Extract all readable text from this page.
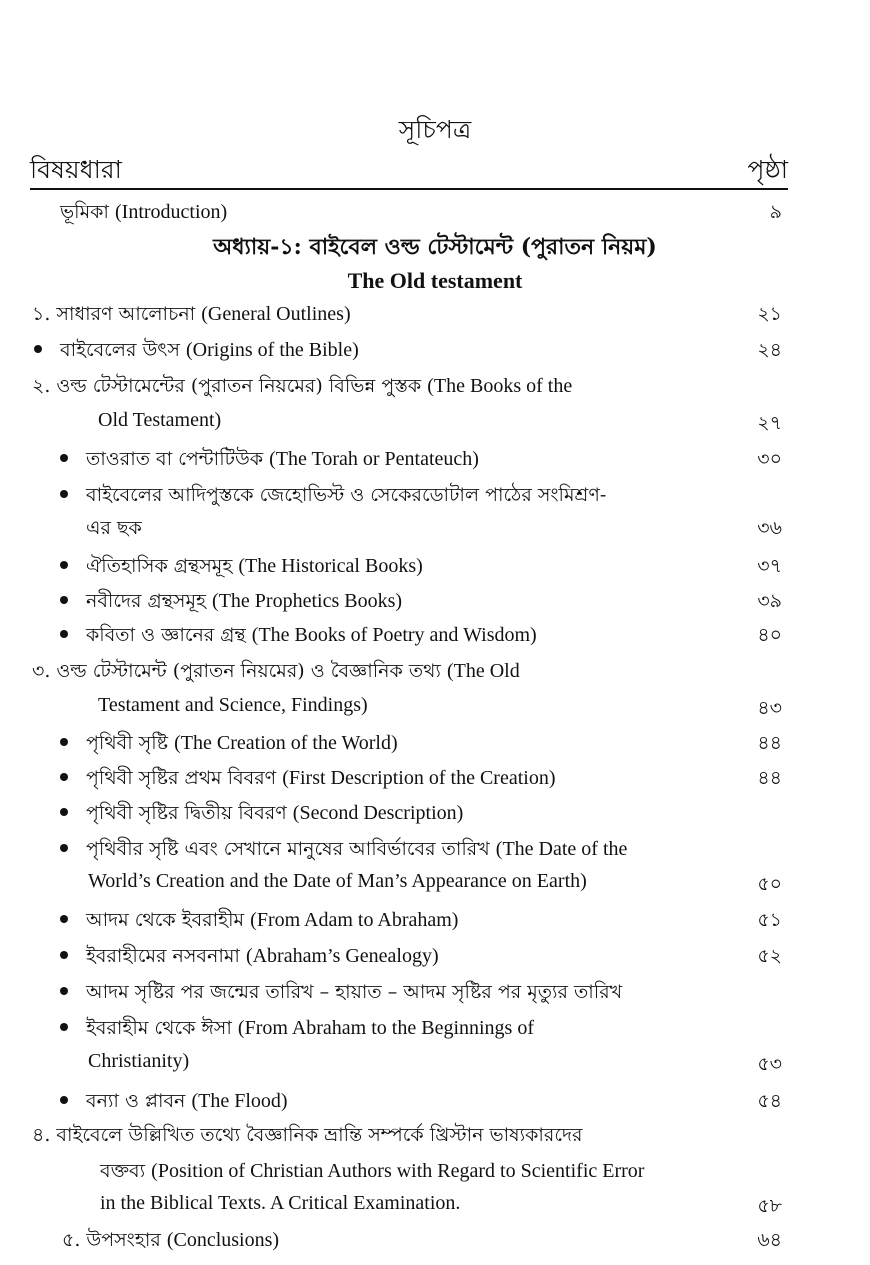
সূচিপত্র
বিষয়ধারা	পৃষ্ঠা
অধ্যায়-১: বাইবেল ওল্ড টেস্টামেন্ট (পুরাতন নিয়ম)
The Old testament
ভূমিকা (Introduction)	৯
১. সাধারণ আলোচনা (General Outlines)	২১
বাইবেলের উৎস (Origins of the Bible)	২৪
২. ওল্ড টেস্টামেন্টের (পুরাতন নিয়মের) বিভিন্ন পুস্তক (The Books of the
Old Testament)	২৭
তাওরাত বা পেন্টাটিউক (The Torah or Pentateuch)	৩০
বাইবেলের আদিপুস্তকে জেহোভিস্ট ও সেকেরডোটাল পাঠের সংমিশ্রণ-
এর ছক	৩৬
ঐতিহাসিক গ্রন্থসমূহ (The Historical Books)	৩৭
নবীদের গ্রন্থসমূহ (The Prophetics Books)	৩৯
কবিতা ও জ্ঞানের গ্রন্থ (The Books of Poetry and Wisdom)	৪০
৩. ওল্ড টেস্টামেন্ট (পুরাতন নিয়মের) ও বৈজ্ঞানিক তথ্য (The Old
Testament and Science, Findings)	৪৩
পৃথিবী সৃষ্টি (The Creation of the World)	৪৪
পৃথিবী সৃষ্টির প্রথম বিবরণ (First Description of the Creation)	৪৪
পৃথিবী সৃষ্টির দ্বিতীয় বিবরণ (Second Description)
পৃথিবীর সৃষ্টি এবং সেখানে মানুষের আবির্ভাবের তারিখ (The Date of the
World’s Creation and the Date of Man’s Appearance on Earth)	৫০
আদম থেকে ইবরাহীম (From Adam to Abraham)	৫১
ইবরাহীমের নসবনামা (Abraham’s Genealogy)	৫২
আদম সৃষ্টির পর জন্মের তারিখ – হায়াত – আদম সৃষ্টির পর মৃত্যুর তারিখ
ইবরাহীম থেকে ঈসা (From Abraham to the Beginnings of
Christianity)	৫৩
বন্যা ও প্লাবন (The Flood)	৫৪
৪. বাইবেলে উল্লিখিত তথ্যে বৈজ্ঞানিক ভ্রান্তি সম্পর্কে খ্রিস্টান ভাষ্যকারদের
বক্তব্য (Position of Christian Authors with Regard to Scientific Error
in the Biblical Texts. A Critical Examination.	৫৮
৫. উপসংহার (Conclusions)	৬৪
